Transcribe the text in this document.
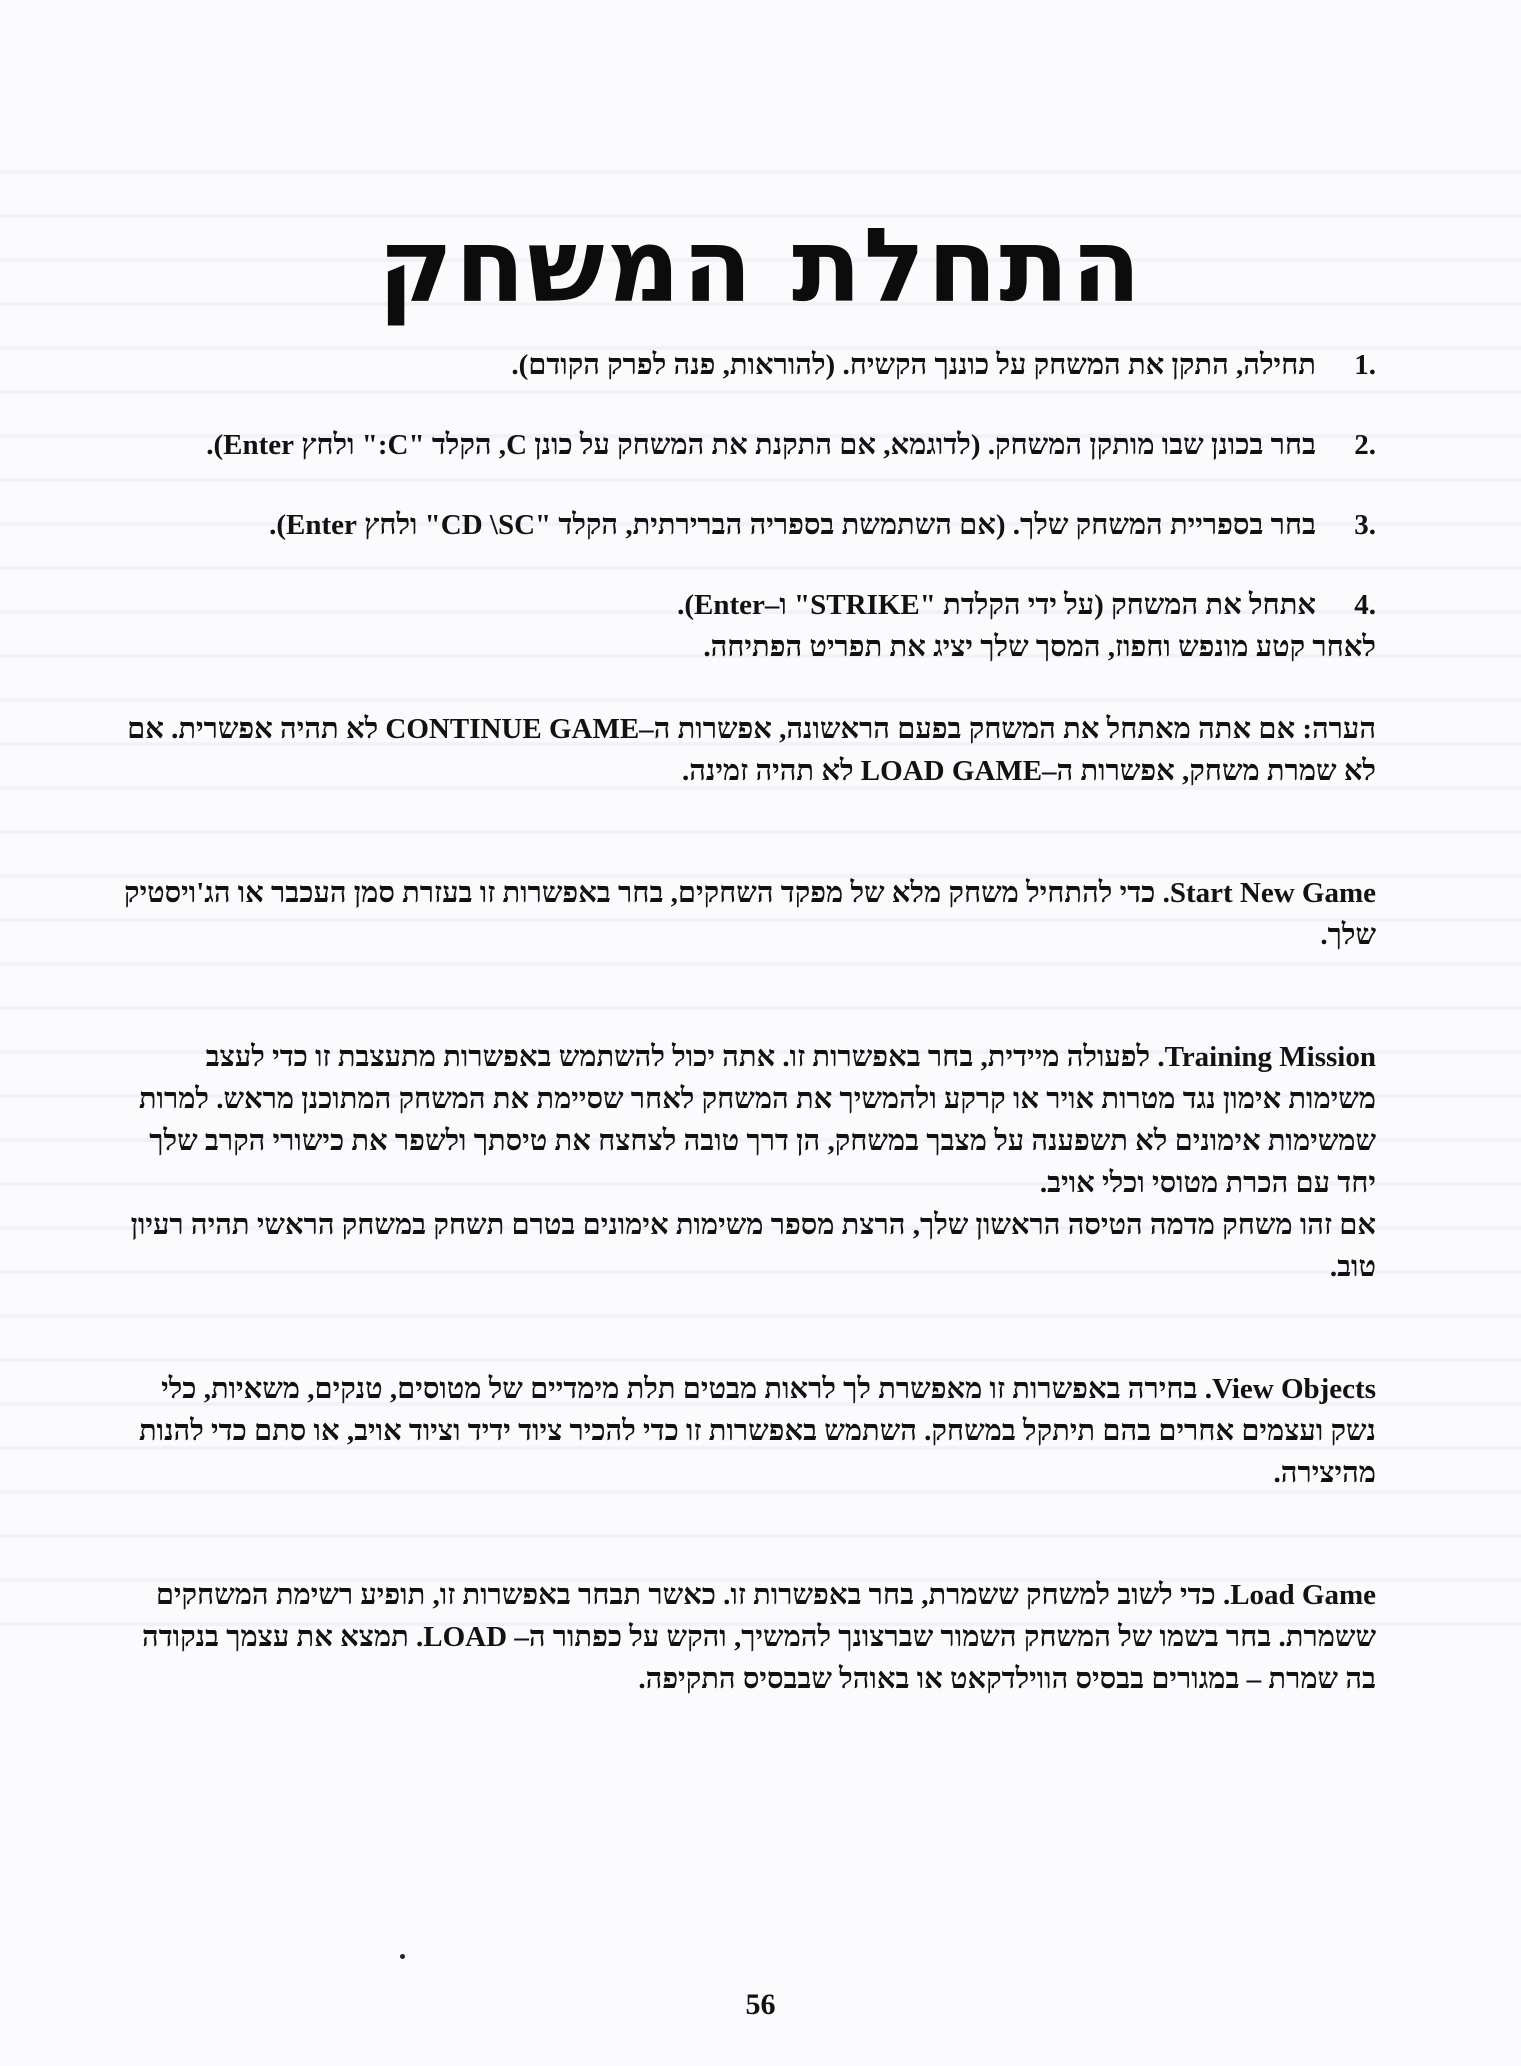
התחלת המשחק
.1
תחילה, התקן את המשחק על כוננך הקשיח. (להוראות, פנה לפרק הקודם).
.2
בחר בכונן שבו מותקן המשחק. (לדוגמא, אם התקנת את המשחק על כונן C, הקלד "C:" ולחץ Enter).
.3
בחר בספריית המשחק שלך. (אם השתמשת בספריה הברירתית, הקלד "CD \SC" ולחץ Enter).
.4
אתחל את המשחק (על ידי הקלדת "STRIKE" ו–Enter).

לאחר קטע מונפש וחפוז, המסך שלך יציג את תפריט הפתיחה.

הערה: אם אתה מאתחל את המשחק בפעם הראשונה, אפשרות ה–CONTINUE GAME לא תהיה אפשרית. אם לא שמרת משחק, אפשרות ה–LOAD GAME לא תהיה זמינה.

Start New Game. כדי להתחיל משחק מלא של מפקד השחקים, בחר באפשרות זו בעזרת סמן העכבר או הג'ויסטיק שלך.

Training Mission. לפעולה מיידית, בחר באפשרות זו. אתה יכול להשתמש באפשרות מתעצבת זו כדי לעצב משימות אימון נגד מטרות אויר או קרקע ולהמשיך את המשחק לאחר שסיימת את המשחק המתוכנן מראש. למרות שמשימות אימונים לא תשפענה על מצבך במשחק, הן דרך טובה לצחצח את טיסתך ולשפר את כישורי הקרב שלך יחד עם הכרת מטוסי וכלי אויב.

אם זהו משחק מדמה הטיסה הראשון שלך, הרצת מספר משימות אימונים בטרם תשחק במשחק הראשי תהיה רעיון טוב.

View Objects. בחירה באפשרות זו מאפשרת לך לראות מבטים תלת מימדיים של מטוסים, טנקים, משאיות, כלי נשק ועצמים אחרים בהם תיתקל במשחק. השתמש באפשרות זו כדי להכיר ציוד ידיד וציוד אויב, או סתם כדי להנות מהיצירה.

Load Game. כדי לשוב למשחק ששמרת, בחר באפשרות זו. כאשר תבחר באפשרות זו, תופיע רשימת המשחקים ששמרת. בחר בשמו של המשחק השמור שברצונך להמשיך, והקש על כפתור ה– LOAD. תמצא את עצמך בנקודה בה שמרת – במגורים בבסיס הווילדקאט או באוהל שבבסיס התקיפה.

56
